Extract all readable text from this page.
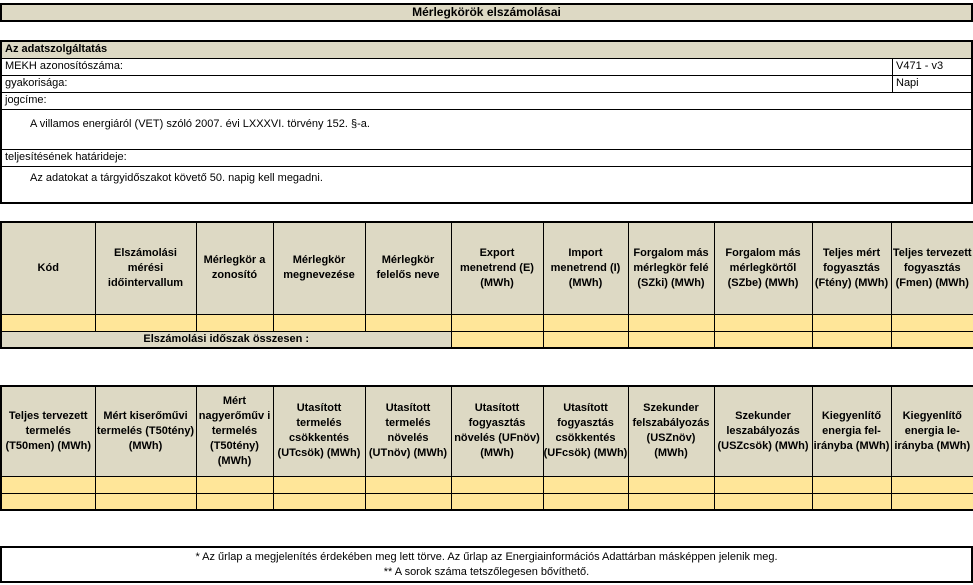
Mérlegkörök elszámolásai
Az adatszolgáltatás
MEKH azonosítószáma:	V471 - v3
gyakorisága:	Napi
jogcíme:
A villamos energiáról (VET) szóló 2007. évi LXXXVI. törvény 152. §-a.
teljesítésének határideje:
Az adatokat a tárgyidőszakot követő 50. napig kell megadni.
Kód	Elszámolási mérési időintervallum	Mérlegkör a zonosító	Mérlegkör megnevezése	Mérlegkör felelős neve	Export menetrend (E) (MWh)	Import menetrend (I) (MWh)	Forgalom más mérlegkör felé (SZki) (MWh)	Forgalom más mérlegkörtől (SZbe) (MWh)	Teljes mért fogyasztás (Ftény) (MWh)	Teljes tervezett fogyasztás (Fmen) (MWh)

Elszámolási időszak összesen :										
Teljes tervezett termelés (T50men) (MWh)	Mért kiserőművi termelés (T50tény) (MWh)	Mért nagyerőműv i termelés (T50tény) (MWh)	Utasított termelés csökkentés (UTcsök) (MWh)	Utasított termelés növelés (UTnöv) (MWh)	Utasított fogyasztás növelés (UFnöv) (MWh)	Utasított fogyasztás csökkentés (UFcsök) (MWh)	Szekunder felszabályozás (USZnöv) (MWh)	Szekunder leszabályozás (USZcsök) (MWh)	Kiegyenlítő energia fel-irányba (MWh)	Kiegyenlítő energia le-irányba (MWh)

* Az űrlap a megjelenítés érdekében meg lett törve. Az űrlap az Energiainformációs Adattárban másképpen jelenik meg.
** A sorok száma tetszőlegesen bővíthető.
